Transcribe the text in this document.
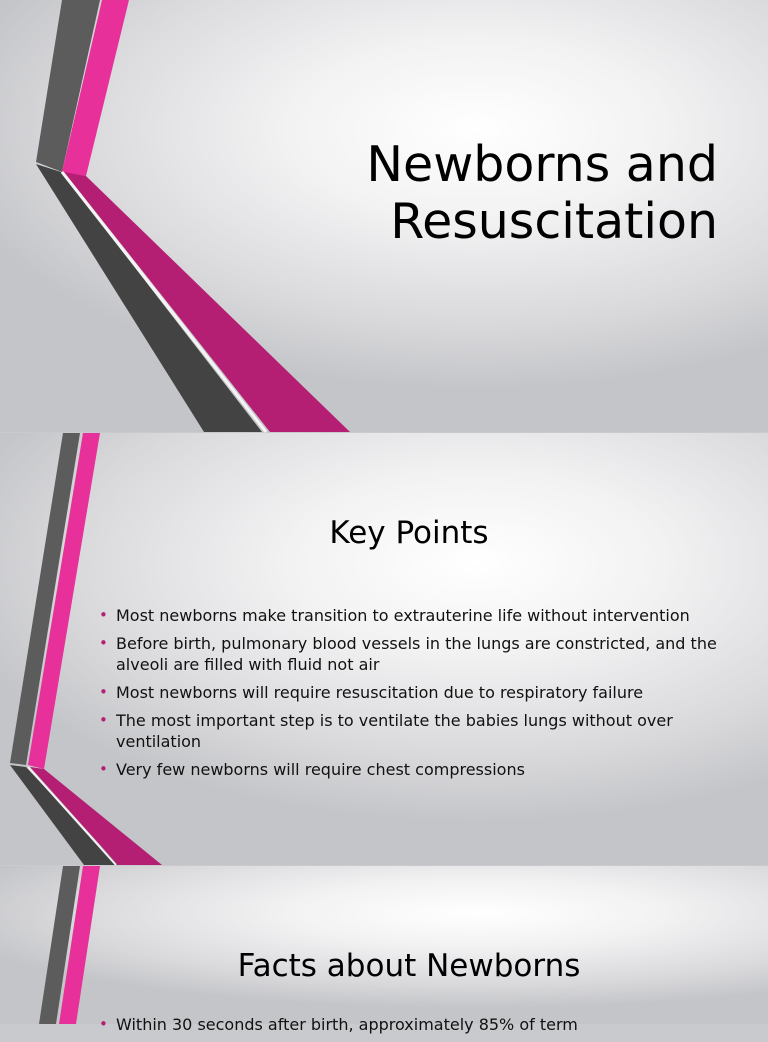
Newborns and Resuscitation
Key Points
• Most newborns make transition to extrauterine life without intervention
• Before birth, pulmonary blood vessels in the lungs are constricted, and the alveoli are filled with fluid not air
• Most newborns will require resuscitation due to respiratory failure
• The most important step is to ventilate the babies lungs without over ventilation
• Very few newborns will require chest compressions
Facts about Newborns
• Within 30 seconds after birth, approximately 85% of term
